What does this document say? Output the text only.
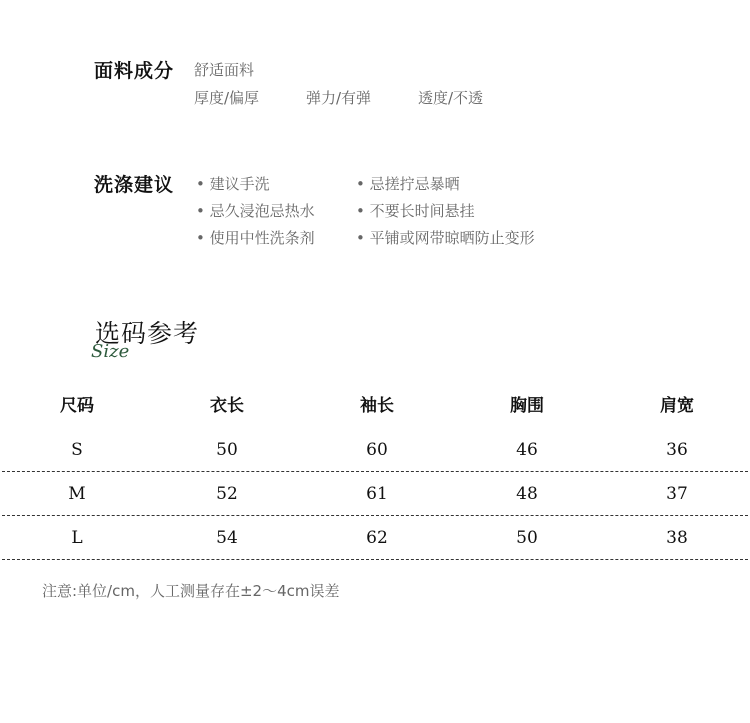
面料成分 舒适面料
厚度/偏厚	弹力/有弹	透度/不透
洗涤建议
•	建议手洗
• 忌久浸泡忌热水
• 使用中性洗条剂
• 忌搓拧忌暴晒
• 不要长时间悬挂
• 平铺或网带晾晒防止变形
选码参考
Size
尺码	衣长	袖长	胸围	肩宽
S	50	60	46	36
M	52	61	48	37
L	54	62	50	38
注意:单位/cm，人工测量存在±2～4cm误差
